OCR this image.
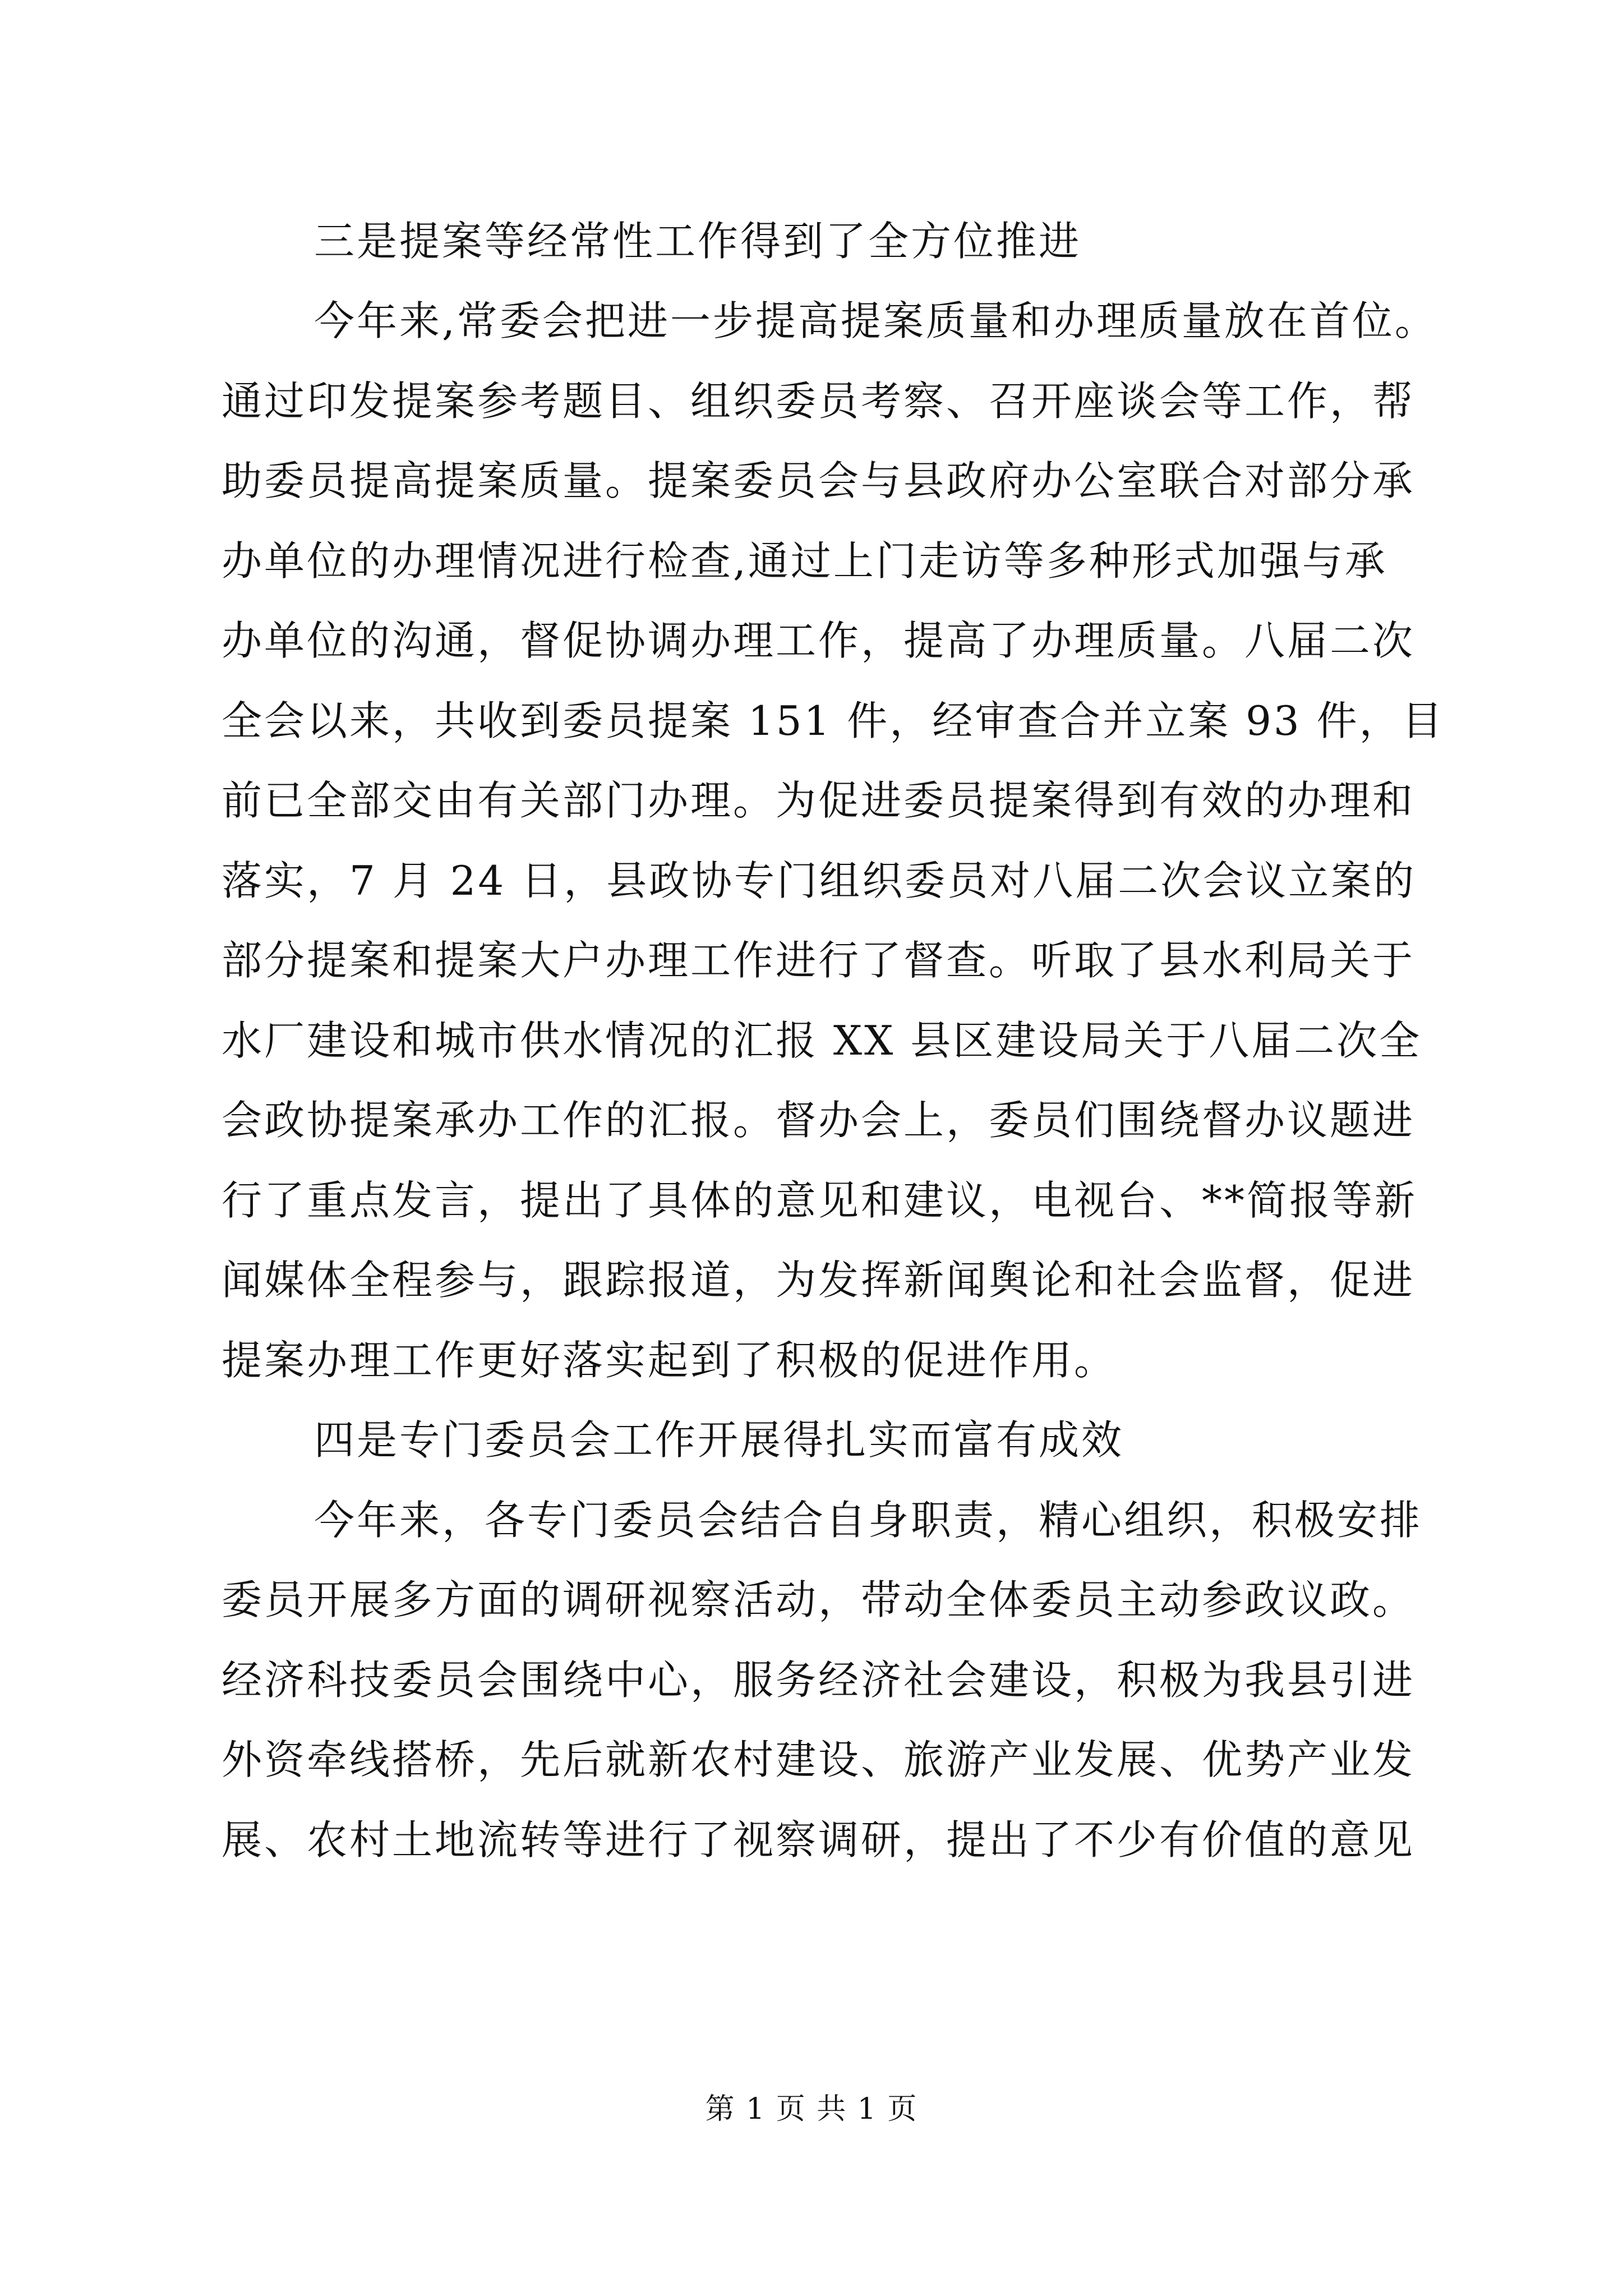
三是提案等经常性工作得到了全方位推进
今年来,常委会把进一步提高提案质量和办理质量放在首位。
通过印发提案参考题目、组织委员考察、召开座谈会等工作，帮
助委员提高提案质量。提案委员会与县政府办公室联合对部分承
办单位的办理情况进行检查,通过上门走访等多种形式加强与承
办单位的沟通，督促协调办理工作，提高了办理质量。八届二次
全会以来，共收到委员提案 151 件，经审查合并立案 93 件，目
前已全部交由有关部门办理。为促进委员提案得到有效的办理和
落实，7 月 24 日，县政协专门组织委员对八届二次会议立案的
部分提案和提案大户办理工作进行了督查。听取了县水利局关于
水厂建设和城市供水情况的汇报 XX 县区建设局关于八届二次全
会政协提案承办工作的汇报。督办会上，委员们围绕督办议题进
行了重点发言，提出了具体的意见和建议，电视台、**简报等新
闻媒体全程参与，跟踪报道，为发挥新闻舆论和社会监督，促进
提案办理工作更好落实起到了积极的促进作用。
四是专门委员会工作开展得扎实而富有成效
今年来，各专门委员会结合自身职责，精心组织，积极安排
委员开展多方面的调研视察活动，带动全体委员主动参政议政。
经济科技委员会围绕中心，服务经济社会建设，积极为我县引进
外资牵线搭桥，先后就新农村建设、旅游产业发展、优势产业发
展、农村土地流转等进行了视察调研，提出了不少有价值的意见
第 1 页 共 1 页
